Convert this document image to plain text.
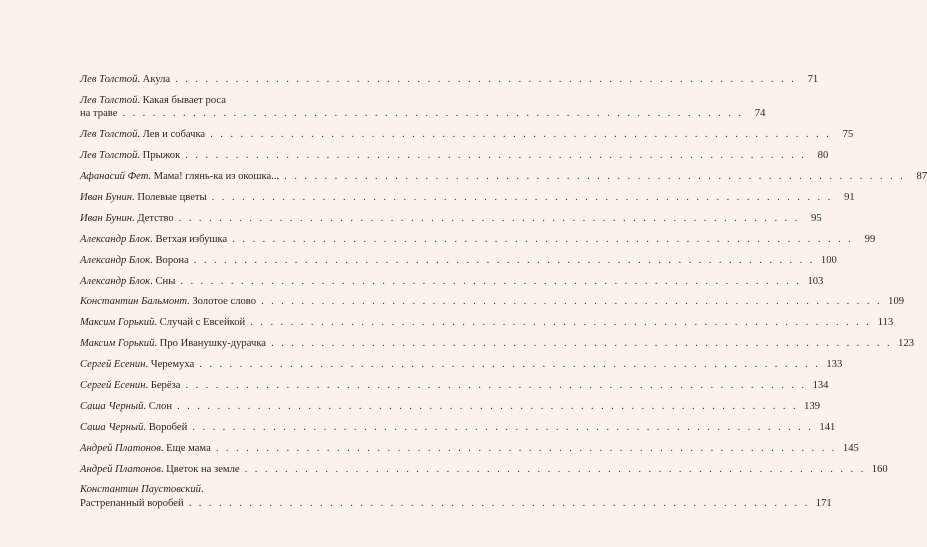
Лев Толстой. Акула . . . . . . . . . . . . . . . . . . . . . . . . . . . . . . . . . . . . . . . . . . . . . . . . . . . . . . . . . . . . . .	71
Лев Толстой. Какая бывает роса
на траве . . . . . . . . . . . . . . . . . . . . . . . . . . . . . . . . . . . . . . . . . . . . . . . . . . . . . . . . . . . . . .	74
Лев Толстой. Лев и собачка . . . . . . . . . . . . . . . . . . . . . . . . . . . . . . . . . . . . . . . . . . . . . . . . . . . . . . . . . . . . . .	75
Лев Толстой. Прыжок . . . . . . . . . . . . . . . . . . . . . . . . . . . . . . . . . . . . . . . . . . . . . . . . . . . . . . . . . . . . . .	80
Афанасий Фет. Мама! глянь-ка из окошка... . . . . . . . . . . . . . . . . . . . . . . . . . . . . . . . . . . . . . . . . . . . . . . . . . . . . . . . . . . . . . .	87
Иван Бунин. Полевые цветы . . . . . . . . . . . . . . . . . . . . . . . . . . . . . . . . . . . . . . . . . . . . . . . . . . . . . . . . . . . . . .	91
Иван Бунин. Детство . . . . . . . . . . . . . . . . . . . . . . . . . . . . . . . . . . . . . . . . . . . . . . . . . . . . . . . . . . . . . .	95
Александр Блок. Ветхая избушка . . . . . . . . . . . . . . . . . . . . . . . . . . . . . . . . . . . . . . . . . . . . . . . . . . . . . . . . . . . . . .	99
Александр Блок. Ворона . . . . . . . . . . . . . . . . . . . . . . . . . . . . . . . . . . . . . . . . . . . . . . . . . . . . . . . . . . . . . . 100
Александр Блок. Сны . . . . . . . . . . . . . . . . . . . . . . . . . . . . . . . . . . . . . . . . . . . . . . . . . . . . . . . . . . . . . . 103
Константин Бальмонт. Золотое слово . . . . . . . . . . . . . . . . . . . . . . . . . . . . . . . . . . . . . . . . . . . . . . . . . . . . . . . . . . . . . . 109
Максим Горький. Случай с Евсейкой . . . . . . . . . . . . . . . . . . . . . . . . . . . . . . . . . . . . . . . . . . . . . . . . . . . . . . . . . . . . . . 113
Максим Горький. Про Иванушку-дурачка . . . . . . . . . . . . . . . . . . . . . . . . . . . . . . . . . . . . . . . . . . . . . . . . . . . . . . . . . . . . . . 123
Сергей Есенин. Черемуха . . . . . . . . . . . . . . . . . . . . . . . . . . . . . . . . . . . . . . . . . . . . . . . . . . . . . . . . . . . . . . 133
Сергей Есенин. Берёза . . . . . . . . . . . . . . . . . . . . . . . . . . . . . . . . . . . . . . . . . . . . . . . . . . . . . . . . . . . . . . 134
Саша Черный. Слон . . . . . . . . . . . . . . . . . . . . . . . . . . . . . . . . . . . . . . . . . . . . . . . . . . . . . . . . . . . . . . 139
Саша Черный. Воробей . . . . . . . . . . . . . . . . . . . . . . . . . . . . . . . . . . . . . . . . . . . . . . . . . . . . . . . . . . . . . . 141
Андрей Платонов. Еще мама . . . . . . . . . . . . . . . . . . . . . . . . . . . . . . . . . . . . . . . . . . . . . . . . . . . . . . . . . . . . . . 145
Андрей Платонов. Цветок на земле . . . . . . . . . . . . . . . . . . . . . . . . . . . . . . . . . . . . . . . . . . . . . . . . . . . . . . . . . . . . . . 160
Константин Паустовский.
Растрепанный воробей . . . . . . . . . . . . . . . . . . . . . . . . . . . . . . . . . . . . . . . . . . . . . . . . . . . . . . . . . . . . . . 171
